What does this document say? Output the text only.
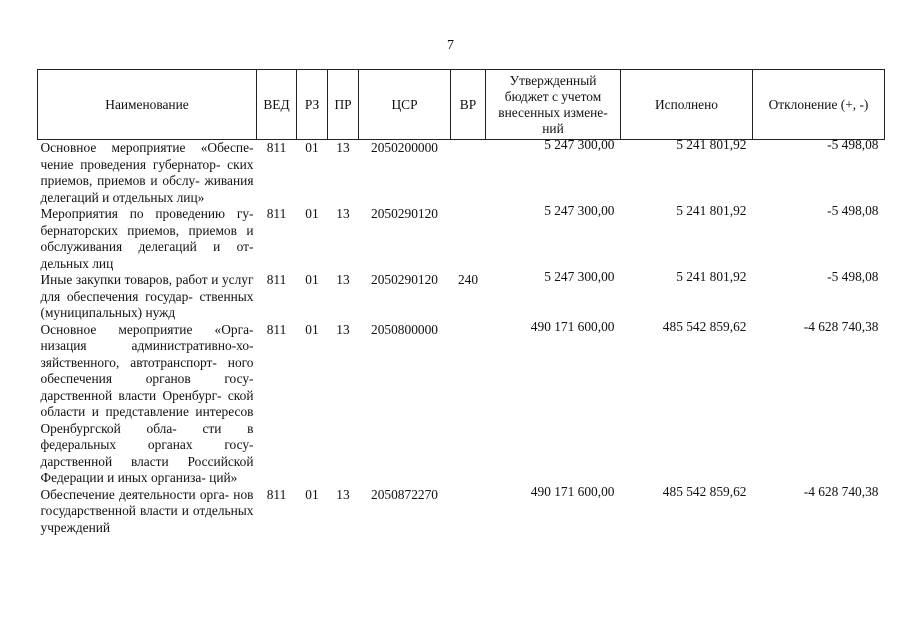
7
Наименование	ВЕД	РЗ	ПР	ЦСР	ВР	Утвержденный бюджет с учетом внесенных измене- ний	Исполнено	Отклонение (+, -)
Основное мероприятие «Обеспе- чение проведения губернатор- ских приемов, приемов и обслу- живания делегаций и отдельных лиц»	811	01	13	2050200000		5 247 300,00	5 241 801,92	-5 498,08
Мероприятия по проведению гу- бернаторских приемов, приемов и обслуживания делегаций и от- дельных лиц	811	01	13	2050290120		5 247 300,00	5 241 801,92	-5 498,08
Иные закупки товаров, работ и услуг для обеспечения государ- ственных (муниципальных) нужд	811	01	13	2050290120	240	5 247 300,00	5 241 801,92	-5 498,08
Основное мероприятие «Орга- низация административно-хо- зяйственного, автотранспорт- ного обеспечения органов госу- дарственной власти Оренбург- ской области и представление интересов Оренбургской обла- сти в федеральных органах госу- дарственной власти Российской Федерации и иных организа- ций»	811	01	13	2050800000		490 171 600,00	485 542 859,62	-4 628 740,38
Обеспечение деятельности орга- нов государственной власти и отдельных учреждений	811	01	13	2050872270		490 171 600,00	485 542 859,62	-4 628 740,38
